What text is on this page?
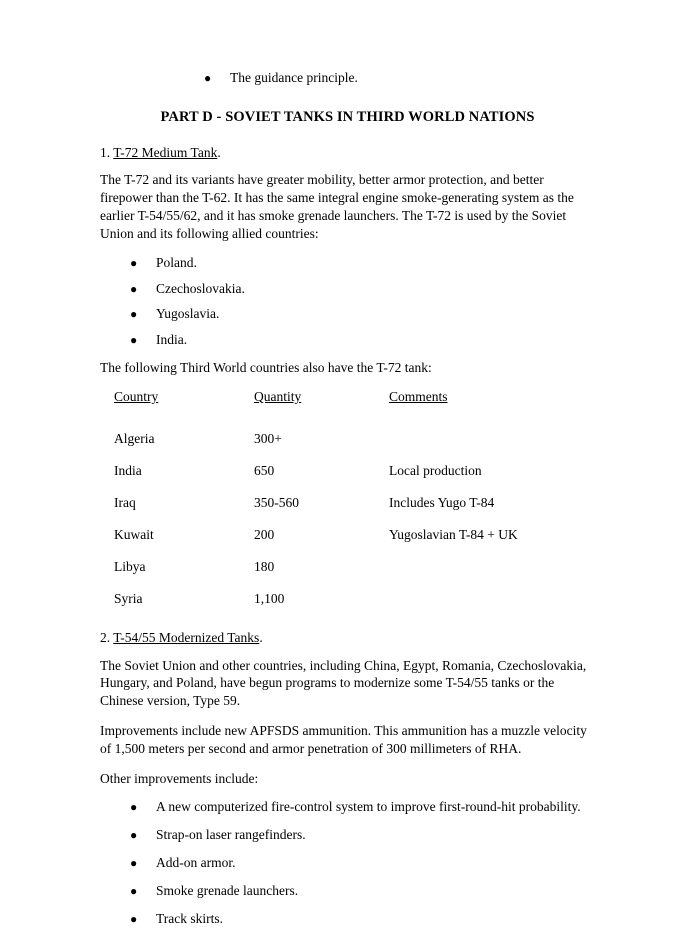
●	The guidance principle.
PART D - SOVIET TANKS IN THIRD WORLD NATIONS
1. T-72 Medium Tank.

The T-72 and its variants have greater mobility, better armor protection, and better firepower than the T-62. It has the same integral engine smoke-generating system as the earlier T-54/55/62, and it has smoke grenade launchers. The T-72 is used by the Soviet Union and its following allied countries:

●	Poland.
●	Czechoslovakia.
●	Yugoslavia.
●	India.

The following Third World countries also have the T-72 tank:

Country	Quantity	Comments
Algeria	300+	
India	650	Local production
Iraq	350-560	Includes Yugo T-84
Kuwait	200	Yugoslavian T-84 + UK
Libya	180	
Syria	1,100	
2. T-54/55 Modernized Tanks.

The Soviet Union and other countries, including China, Egypt, Romania, Czechoslovakia, Hungary, and Poland, have begun programs to modernize some T-54/55 tanks or the Chinese version, Type 59.

Improvements include new APFSDS ammunition. This ammunition has a muzzle velocity of 1,500 meters per second and armor penetration of 300 millimeters of RHA.

Other improvements include:

●	A new computerized fire-control system to improve first-round-hit probability.
●	Strap-on laser rangefinders.
●	Add-on armor.
●	Smoke grenade launchers.
●	Track skirts.
